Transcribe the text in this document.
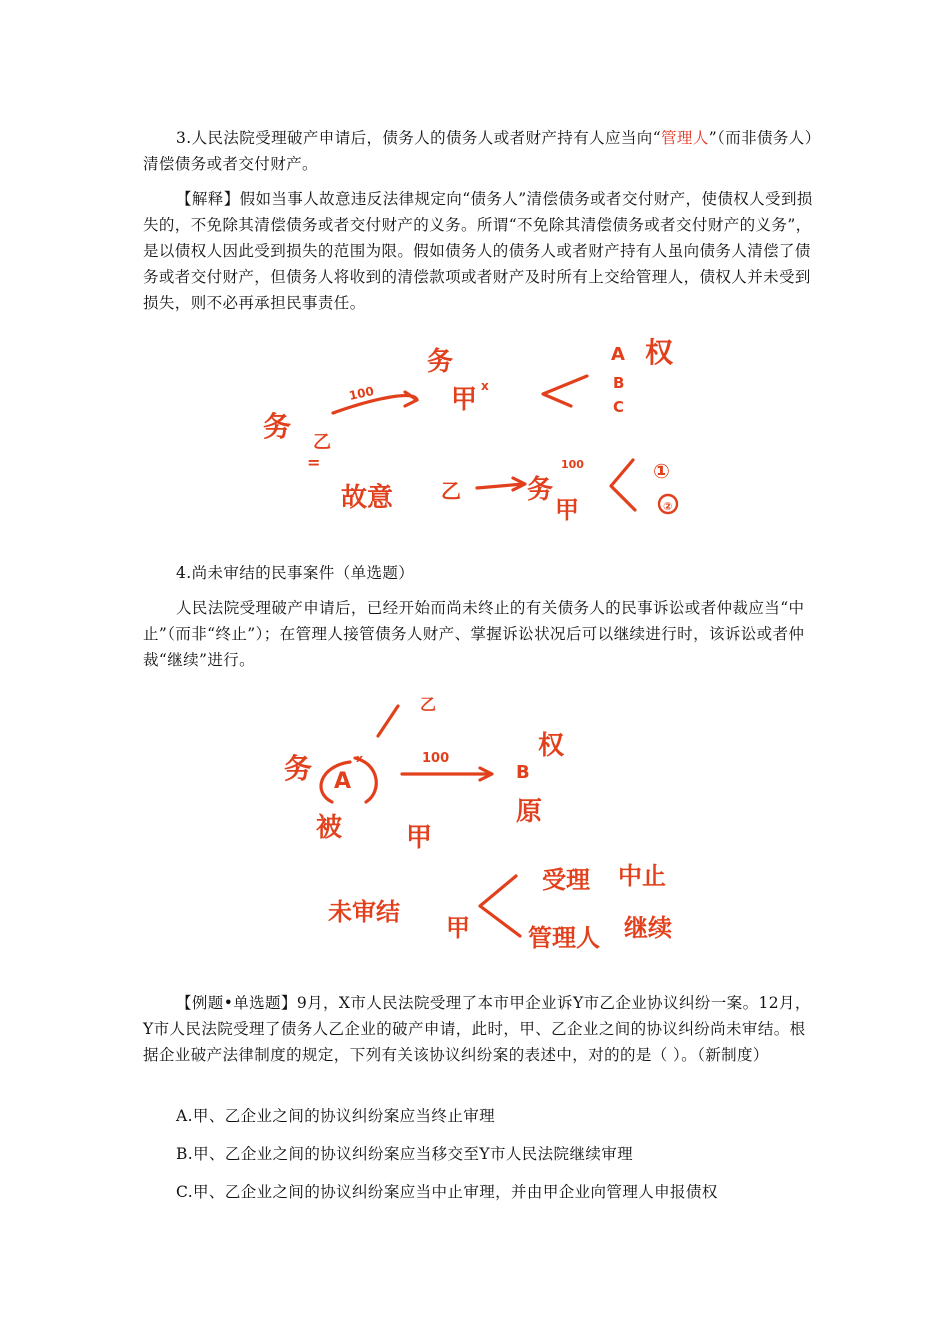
3.人民法院受理破产申请后，债务人的债务人或者财产持有人应当向“管理人”（而非债务人）清偿债务或者交付财产。

【解释】假如当事人故意违反法律规定向“债务人”清偿债务或者交付财产，使债权人受到损失的，不免除其清偿债务或者交付财产的义务。所谓“不免除其清偿债务或者交付财产的义务”，是以债权人因此受到损失的范围为限。假如债务人的债务人或者财产持有人虽向债务人清偿了债务或者交付财产，但债务人将收到的清偿款项或者财产及时所有上交给管理人，债权人并未受到损失，则不必再承担民事责任。

务 乙
=
100
务
甲 x
A
B
C
权
故意 乙	务
100
甲
①
②

4.尚未审结的民事案件（单选题）

人民法院受理破产申请后，已经开始而尚未终止的有关债务人的民事诉讼或者仲裁应当“中止”（而非“终止”）；在管理人接管债务人财产、掌握诉讼状况后可以继续进行时，该诉讼或者仲裁“继续”进行。

乙
务 A
x	100
B
权
被 甲
原
未审结
甲
受理 中止
管理人 继续

【例题•单选题】9月，X市人民法院受理了本市甲企业诉Y市乙企业协议纠纷一案。12月，Y市人民法院受理了债务人乙企业的破产申请，此时，甲、乙企业之间的协议纠纷尚未审结。根据企业破产法律制度的规定，下列有关该协议纠纷案的表述中，对的的是（ ）。（新制度）

A.甲、乙企业之间的协议纠纷案应当终止审理

B.甲、乙企业之间的协议纠纷案应当移交至Y市人民法院继续审理

C.甲、乙企业之间的协议纠纷案应当中止审理，并由甲企业向管理人申报债权
